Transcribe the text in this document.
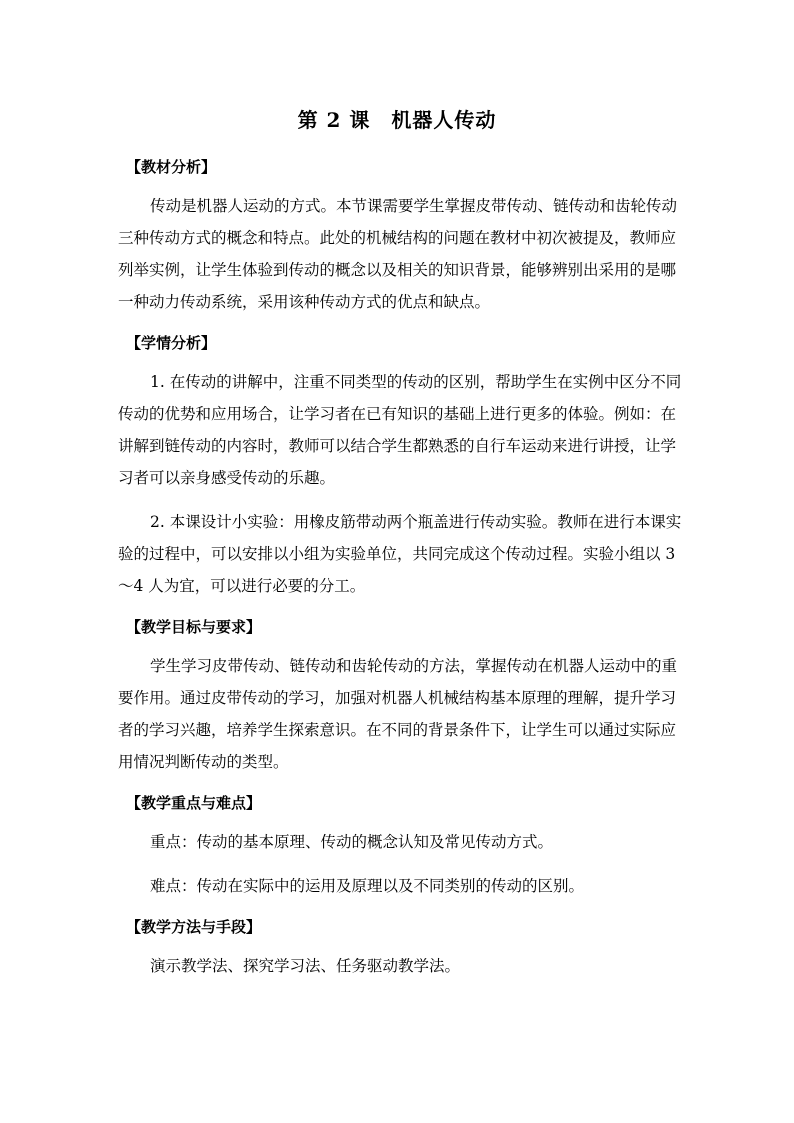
第 2 课　机器人传动
【教材分析】

传动是机器人运动的方式。本节课需要学生掌握皮带传动、链传动和齿轮传动三种传动方式的概念和特点。此处的机械结构的问题在教材中初次被提及，教师应列举实例，让学生体验到传动的概念以及相关的知识背景，能够辨别出采用的是哪一种动力传动系统，采用该种传动方式的优点和缺点。

【学情分析】

1. 在传动的讲解中，注重不同类型的传动的区别，帮助学生在实例中区分不同传动的优势和应用场合，让学习者在已有知识的基础上进行更多的体验。例如：在讲解到链传动的内容时，教师可以结合学生都熟悉的自行车运动来进行讲授，让学习者可以亲身感受传动的乐趣。

2. 本课设计小实验：用橡皮筋带动两个瓶盖进行传动实验。教师在进行本课实验的过程中，可以安排以小组为实验单位，共同完成这个传动过程。实验小组以 3～4 人为宜，可以进行必要的分工。

【教学目标与要求】

学生学习皮带传动、链传动和齿轮传动的方法，掌握传动在机器人运动中的重要作用。通过皮带传动的学习，加强对机器人机械结构基本原理的理解，提升学习者的学习兴趣，培养学生探索意识。在不同的背景条件下，让学生可以通过实际应用情况判断传动的类型。

【教学重点与难点】

重点：传动的基本原理、传动的概念认知及常见传动方式。

难点：传动在实际中的运用及原理以及不同类别的传动的区别。

【教学方法与手段】

演示教学法、探究学习法、任务驱动教学法。
